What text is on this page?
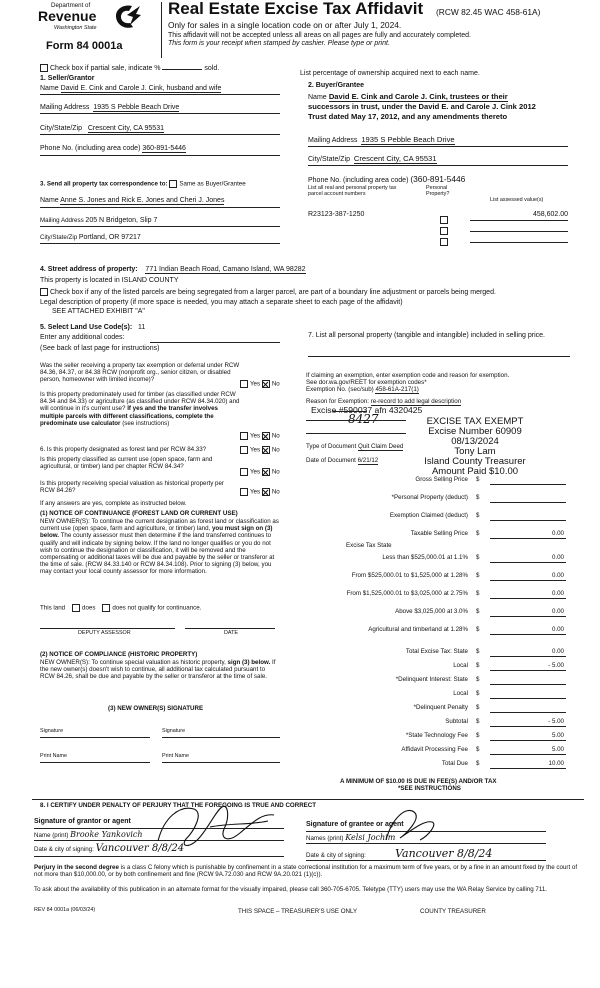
Department of
Revenue
Washington State
Form 84 0001a
Real Estate Excise Tax Affidavit (RCW 82.45 WAC 458-61A)
Only for sales in a single location code on or after July 1, 2024.
This affidavit will not be accepted unless all areas on all pages are fully and accurately completed.
This form is your receipt when stamped by cashier. Please type or print.
Check box if partial sale, indicate %	sold.
List percentage of ownership acquired next to each name.
1. Seller/Grantor
Name David E. Cink and Carole J. Cink, husband and wife
Mailing Address 1935 S Pebble Beach Drive
City/State/Zip Crescent City, CA 95531
Phone No. (including area code) 360-891-5446
2. Buyer/Grantee
Name David E. Cink and Carole J. Cink, trustees or their
successors in trust, under the David E. and Carole J. Cink 2012
Trust dated May 17, 2012, and any amendments thereto
Mailing Address 1935 S Pebble Beach Drive
City/State/Zip Crescent City, CA 95531
Phone No. (including area code) (360-891-5446
List all real and personal property tax parcel account numbers
Personal Property?
List assessed value(s)
R23123-387-1250	458,602.00
3. Send all property tax correspondence to: Same as Buyer/Grantee
Name Anne S. Jones and Rick E. Jones and Cheri J. Jones
Mailing Address 205 N Bridgeton, Slip 7
City/State/Zip Portland, OR 97217
4. Street address of property: 771 Indian Beach Road, Camano Island, WA 98282
This property is located in ISLAND COUNTY
Check box if any of the listed parcels are being segregated from a larger parcel, are part of a boundary line adjustment or parcels being merged.
Legal description of property (if more space is needed, you may attach a separate sheet to each page of the affidavit)
SEE ATTACHED EXHIBIT "A"
5. Select Land Use Code(s): 11
Enter any additional codes:
(See back of last page for instructions)
Was the seller receiving a property tax exemption or deferral under RCW 84.36, 84.37, or 84.38 RCW (nonprofit org., senior citizen, or disabled person, homeowner with limited income)?
Yes No
Is this property predominately used for timber (as classified under RCW 84.34 and 84.33) or agriculture (as classified under RCW 84.34.020) and will continue in it's current use? If yes and the transfer involves multiple parcels with different classifications, complete the predominate use calculator (see instructions)
Yes No
6. Is this property designated as forest land per RCW 84.33?	Yes No
Is this property classified as current use (open space, farm and agricultural, or timber) land per chapter RCW 84.34?
Yes No
Is this property receiving special valuation as historical property per RCW 84.26?	Yes No
If any answers are yes, complete as instructed below.
(1) NOTICE OF CONTINUANCE (FOREST LAND OR CURRENT USE)
NEW OWNER(S): To continue the current designation as forest land or classification as current use (open space, farm and agriculture, or timber) land, you must sign on (3) below. The county assessor must then determine if the land transferred continues to qualify and will indicate by signing below. If the land no longer qualifies or you do not wish to continue the designation or classification, it will be removed and the compensating or additional taxes will be due and payable by the seller or transferor at the time of sale. (RCW 84.33.140 or RCW 84.34.108). Prior to signing (3) below, you may contact your local county assessor for more information.
This land	does	does not qualify for continuance.
DEPUTY ASSESSOR	DATE
(2) NOTICE OF COMPLIANCE (HISTORIC PROPERTY)
NEW OWNER(S): To continue special valuation as historic property, sign (3) below. If the new owner(s) doesn't wish to continue, all additional tax calculated pursuant to RCW 84.26, shall be due and payable by the seller or transferor at the time of sale.
(3) NEW OWNER(S) SIGNATURE
Signature	Signature
Print Name	Print Name
7. List all personal property (tangible and intangible) included in selling price.
If claiming an exemption, enter exemption code and reason for exemption.
See dor.wa.gov/REET for exemption codes*
Exemption No. (sec/sub) 458-61A-217(1)
Reason for Exemption: re-record to add legal description
Excise #590037 afn 4320425
8427	EXCISE TAX EXEMPT
Excise Number 60909
08/13/2024
Tony Lam
Island County Treasurer
Amount Paid $10.00
Type of Document Quit Claim Deed
Date of Document 6/21/12
Gross Selling Price $
*Personal Property (deduct) $
Exemption Claimed (deduct) $
Taxable Selling Price $	0.00
Excise Tax State
Less than $525,000.01 at 1.1% $	0.00
From $525,000.01 to $1,525,000 at 1.28% $	0.00
From $1,525,000.01 to $3,025,000 at 2.75% $	0.00
Above $3,025,000 at 3.0% $	0.00
Agricultural and timberland at 1.28% $	0.00
Total Excise Tax: State $	0.00
Local $	- 5.00
*Delinquent Interest: State $
Local $
*Delinquent Penalty $
Subtotal $	- 5.00
*State Technology Fee $	5.00
Affidavit Processing Fee $	5.00
Total Due $	10.00
A MINIMUM OF $10.00 IS DUE IN FEE(S) AND/OR TAX
*SEE INSTRUCTIONS
8. I CERTIFY UNDER PENALTY OF PERJURY THAT THE FOREGOING IS TRUE AND CORRECT
Signature of grantor or agent	Signature of grantee or agent
Name (print) Brooke Yankovich	Names (print) Kelsi Jochim
Date & city of signing: Vancouver 8/8/24
Date & city of signing:	Vancouver 8/8/24
Perjury in the second degree is a class C felony which is punishable by confinement in a state correctional institution for a maximum term of five years, or by a fine in an amount fixed by the court of not more than $10,000.00, or by both confinement and fine (RCW 9A.72.030 and RCW 9A.20.021 (1)(c)).
To ask about the availability of this publication in an alternate format for the visually impaired, please call 360-705-6705. Teletype (TTY) users may use the WA Relay Service by calling 711.
REV 84 0001a (06/03/24)	THIS SPACE – TREASURER'S USE ONLY	COUNTY TREASURER
